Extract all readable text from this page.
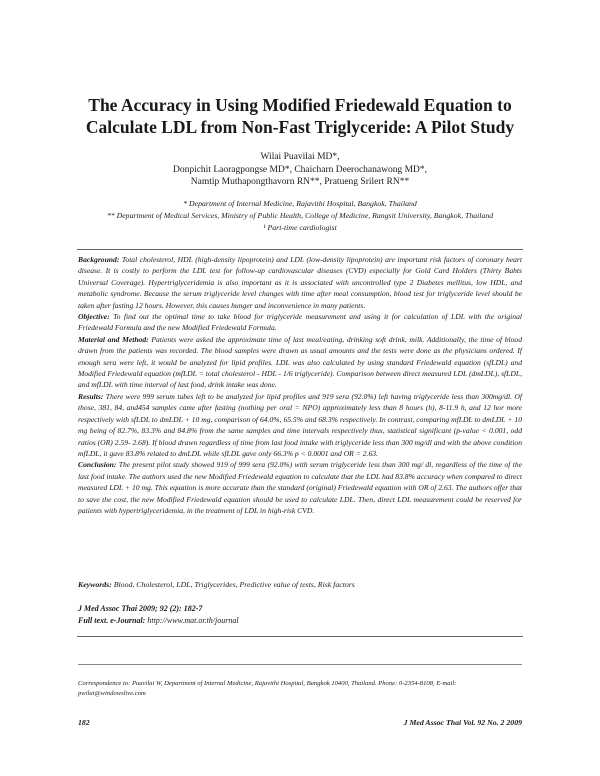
The Accuracy in Using Modified Friedewald Equation to
Calculate LDL from Non-Fast Triglyceride: A Pilot Study
Wilai Puavilai MD*,
Donpichit Laoragpongse MD*, Chaicharn Deerochanawong MD*,
Namtip Muthapongthavorn RN**, Pratueng Srilert RN**
* Department of Internal Medicine, Rajavithi Hospital, Bangkok, Thailand
** Department of Medical Services, Ministry of Public Health, College of Medicine, Rangsit University, Bangkok, Thailand
¹ Part-time cardiologist

Background: Total cholesterol, HDL (high-density lipoprotein) and LDL (low-density lipoprotein) are important risk factors of coronary heart disease. It is costly to perform the LDL test for follow-up cardiovascular diseases (CVD) especially for Gold Card Holders (Thirty Bahts Universal Coverage). Hypertriglyceridemia is also important as it is associated with uncontrolled type 2 Diabetes mellitus, low HDL, and metabolic syndrome. Because the serum triglyceride level changes with time after meal consumption, blood test for triglyceride level should be taken after fasting 12 hours. However, this causes hunger and inconvenience in many patients.

Objective: To find out the optimal time to take blood for triglyceride measurement and using it for calculation of LDL with the original Friedewald Formula and the new Modified Friedewald Formula.

Material and Method: Patients were asked the approximate time of last meal/eating, drinking soft drink, milk. Additionally, the time of blood drawn from the patients was recorded. The blood samples were drawn as usual amounts and the tests were done as the physicians ordered. If enough sera were left, it would be analyzed for lipid profiles. LDL was also calculated by using standard Friedewald equation (sfLDL) and Modified Friedewald equation (mfLDL = total cholesterol - HDL - 1/6 triglyceride). Comparison between direct measured LDL (dmLDL), sfLDL, and mfLDL with time interval of last food, drink intake was done.

Results: There were 999 serum tubes left to be analyzed for lipid profiles and 919 sera (92.0%) left having triglyceride less than 300mg/dl. Of those, 381, 84, and454 samples came after fasting (nothing per oral = NPO) approximately less than 8 hours (h), 8-11.9 h, and 12 hor more respectively with sfLDL to dmLDL + 10 mg, comparison of 64.0%, 65.5% and 68.3% respectively. In contrast, comparing mfLDL to dmLDL + 10 mg being of 82.7%, 83.3% and 84.8% from the same samples and time intervals respectively thus, statistical significant (p-value < 0.001, odd ratios (OR) 2.59- 2.68). If blood drawn regardless of time from last food intake with triglyceride less than 300 mg/dl and with the above condition mfLDL, it gave 83.8% related to dmLDL while sfLDL gave only 66.3% p < 0.0001 and OR = 2.63.

Conclusion: The present pilot study showed 919 of 999 sera (92.0%) with serum triglyceride less than 300 mg/ dl, regardless of the time of the last food intake. The authors used the new Modified Friedewald equation to calculate that the LDL had 83.8% accuracy when compared to direct measured LDL + 10 mg. This equation is more accurate than the standard (original) Friedewald equation with OR of 2.63. The authors offer that to save the cost, the new Modified Friedewald equation should be used to calculate LDL. Then, direct LDL measurement could be reserved for patients with hypertriglyceridemia, in the treatment of LDL in high-risk CVD.

Keywords: Blood, Cholesterol, LDL, Triglycerides, Predictive value of tests, Risk factors
J Med Assoc Thai 2009; 92 (2): 182-7
Full text. e-Journal: http://www.mat.or.th/journal
Correspondence to: Puavilai W, Department of Internal Medicine, Rajavithi Hospital, Bangkok 10400, Thailand. Phone: 0-2354-8108, E-mail: pwilai@windowslive.com
182	J Med Assoc Thai Vol. 92 No. 2 2009
